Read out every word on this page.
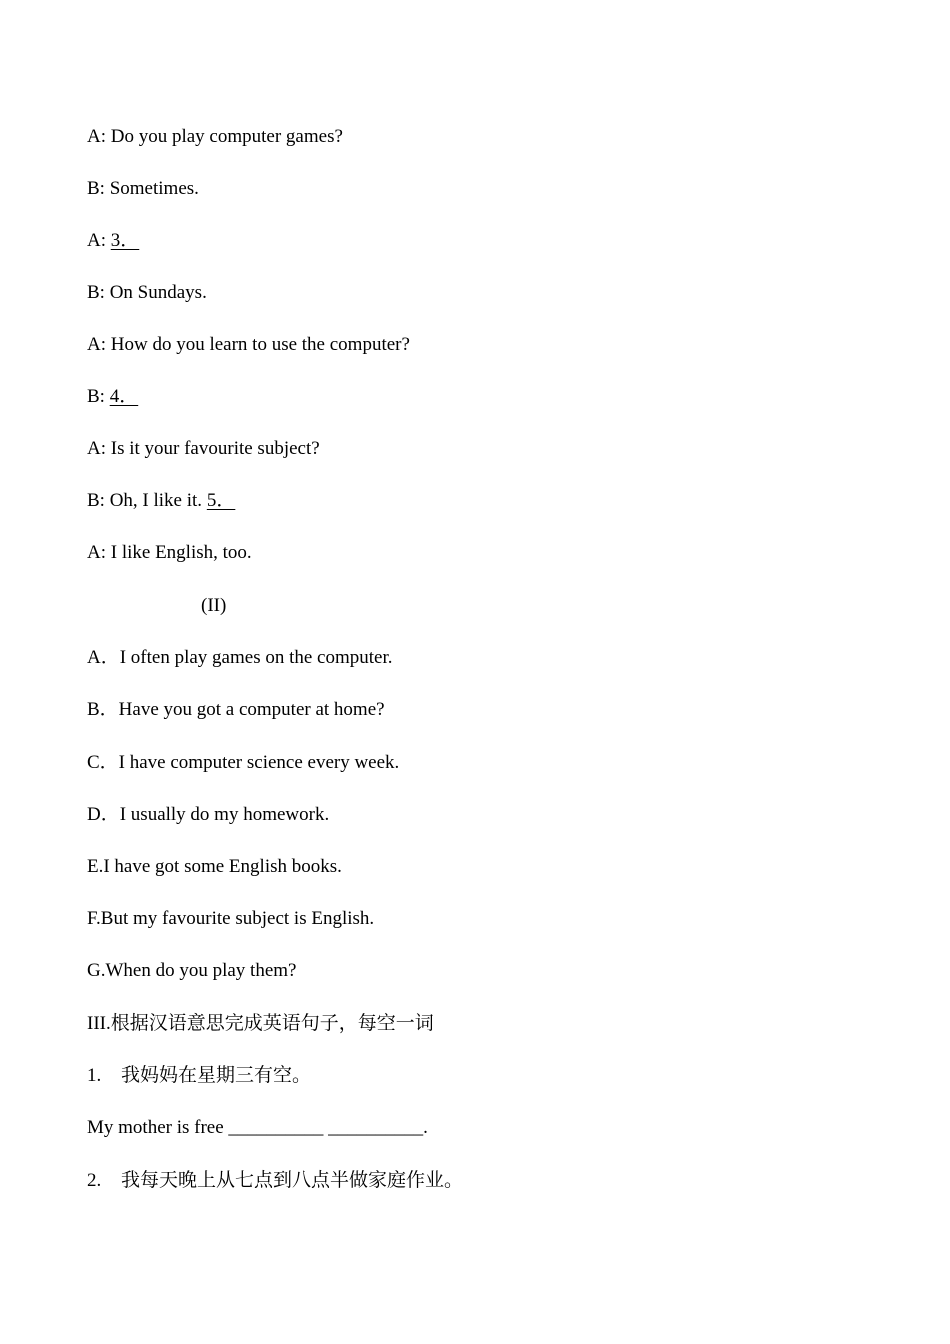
A: Do you play computer games?
B: Sometimes.
A: 3．
B: On Sundays.
A: How do you learn to use the computer?
B: 4．
A: Is it your favourite subject?
B: Oh, I like it. 5．
A: I like English, too.
(II)
A．I often play games on the computer.
B．Have you got a computer at home?
C．I have computer science every week.
D．I usually do my homework.
E.I have got some English books.
F.But my favourite subject is English.
G.When do you play them?
III.根据汉语意思完成英语句子，每空一词
1. 我妈妈在星期三有空。
My mother is free __________ __________.
2. 我每天晚上从七点到八点半做家庭作业。
